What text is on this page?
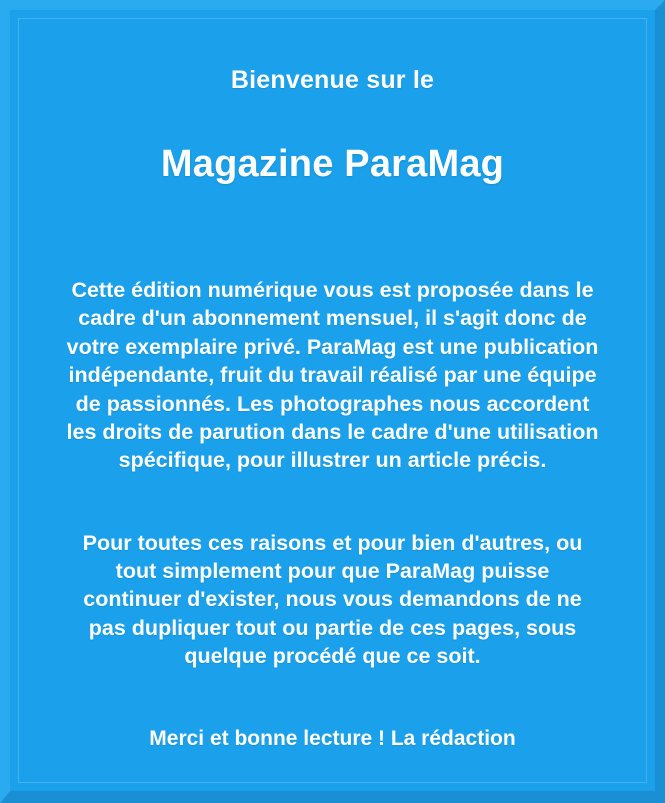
Bienvenue sur le

Magazine ParaMag

Cette édition numérique vous est proposée dans le cadre d'un abonnement mensuel, il s'agit donc de votre exemplaire privé. ParaMag est une publication indépendante, fruit du travail réalisé par une équipe de passionnés. Les photographes nous accordent les droits de parution dans le cadre d'une utilisation spécifique, pour illustrer un article précis.

Pour toutes ces raisons et pour bien d'autres, ou tout simplement pour que ParaMag puisse continuer d'exister, nous vous demandons de ne pas dupliquer tout ou partie de ces pages, sous quelque procédé que ce soit.

Merci et bonne lecture ! La rédaction
